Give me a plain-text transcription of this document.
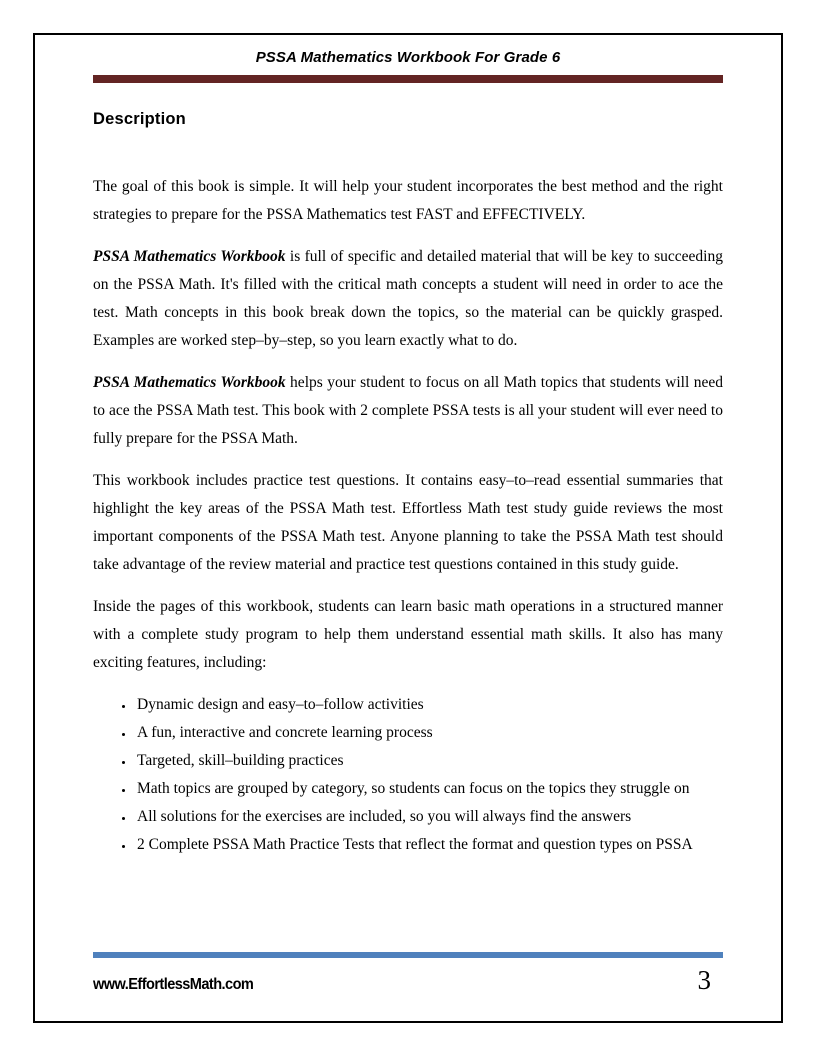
PSSA Mathematics Workbook For Grade 6
Description

The goal of this book is simple. It will help your student incorporates the best method and the right strategies to prepare for the PSSA Mathematics test FAST and EFFECTIVELY.

PSSA Mathematics Workbook is full of specific and detailed material that will be key to succeeding on the PSSA Math. It's filled with the critical math concepts a student will need in order to ace the test. Math concepts in this book break down the topics, so the material can be quickly grasped. Examples are worked step–by–step, so you learn exactly what to do.

PSSA Mathematics Workbook helps your student to focus on all Math topics that students will need to ace the PSSA Math test. This book with 2 complete PSSA tests is all your student will ever need to fully prepare for the PSSA Math.

This workbook includes practice test questions. It contains easy–to–read essential summaries that highlight the key areas of the PSSA Math test. Effortless Math test study guide reviews the most important components of the PSSA Math test. Anyone planning to take the PSSA Math test should take advantage of the review material and practice test questions contained in this study guide.

Inside the pages of this workbook, students can learn basic math operations in a structured manner with a complete study program to help them understand essential math skills. It also has many exciting features, including:

• Dynamic design and easy–to–follow activities
• A fun, interactive and concrete learning process
• Targeted, skill–building practices
• Math topics are grouped by category, so students can focus on the topics they struggle on
• All solutions for the exercises are included, so you will always find the answers
• 2 Complete PSSA Math Practice Tests that reflect the format and question types on PSSA
www.EffortlessMath.com	3
